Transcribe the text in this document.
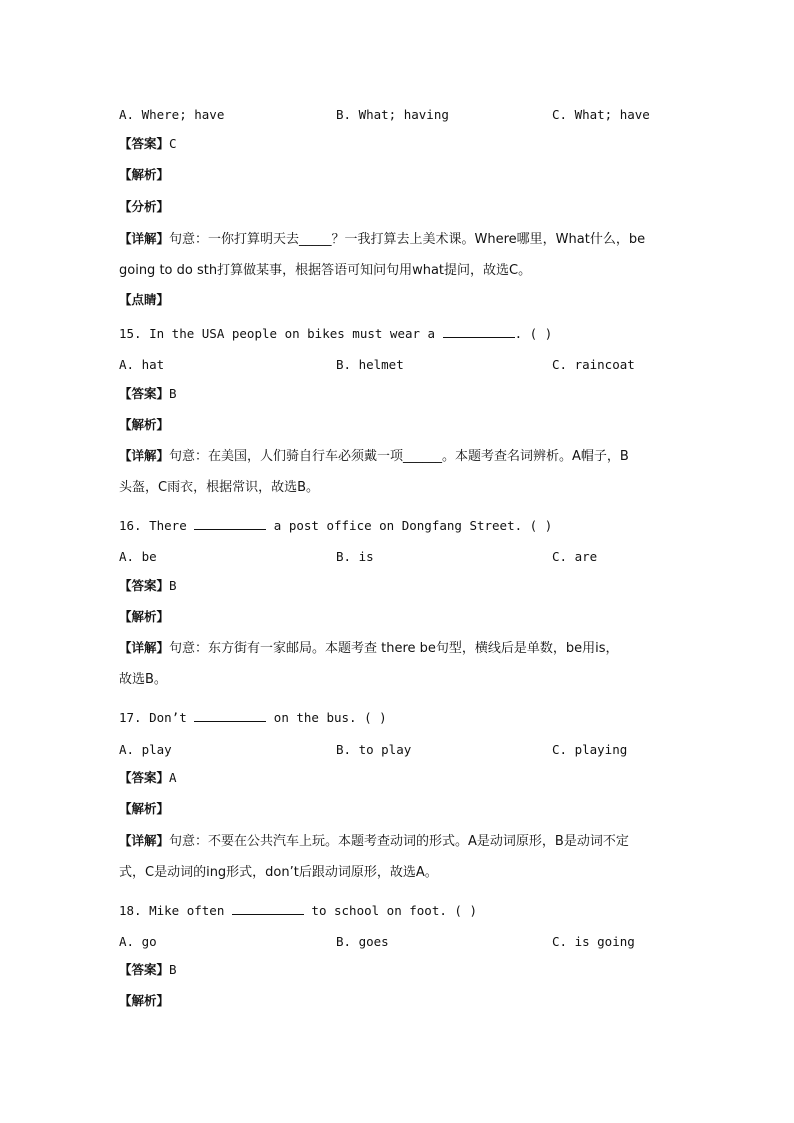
A. Where; have	B. What; having	C. What; have
【答案】C
【解析】
【分析】
【详解】句意：一你打算明天去_____？一我打算去上美术课。Where哪里，What什么，be
going to do sth打算做某事，根据答语可知问句用what提问，故选C。
【点睛】
15. In the USA people on bikes must wear a	. ( )
A. hat	B. helmet	C. raincoat
【答案】B
【解析】
【详解】句意：在美国，人们骑自行车必须戴一项______。本题考查名词辨析。A帽子，B
头盔，C雨衣，根据常识，故选B。
16. There	a post office on Dongfang Street. ( )
A. be	B. is	C. are
【答案】B
【解析】
【详解】句意：东方街有一家邮局。本题考查 there be句型，横线后是单数，be用is，
故选B。
17. Don’t	on the bus. ( )
A. play	B. to play	C. playing
【答案】A
【解析】
【详解】句意：不要在公共汽车上玩。本题考查动词的形式。A是动词原形，B是动词不定
式，C是动词的ing形式，don’t后跟动词原形，故选A。
18. Mike often	to school on foot. ( )
A. go	B. goes	C. is going
【答案】B
【解析】
